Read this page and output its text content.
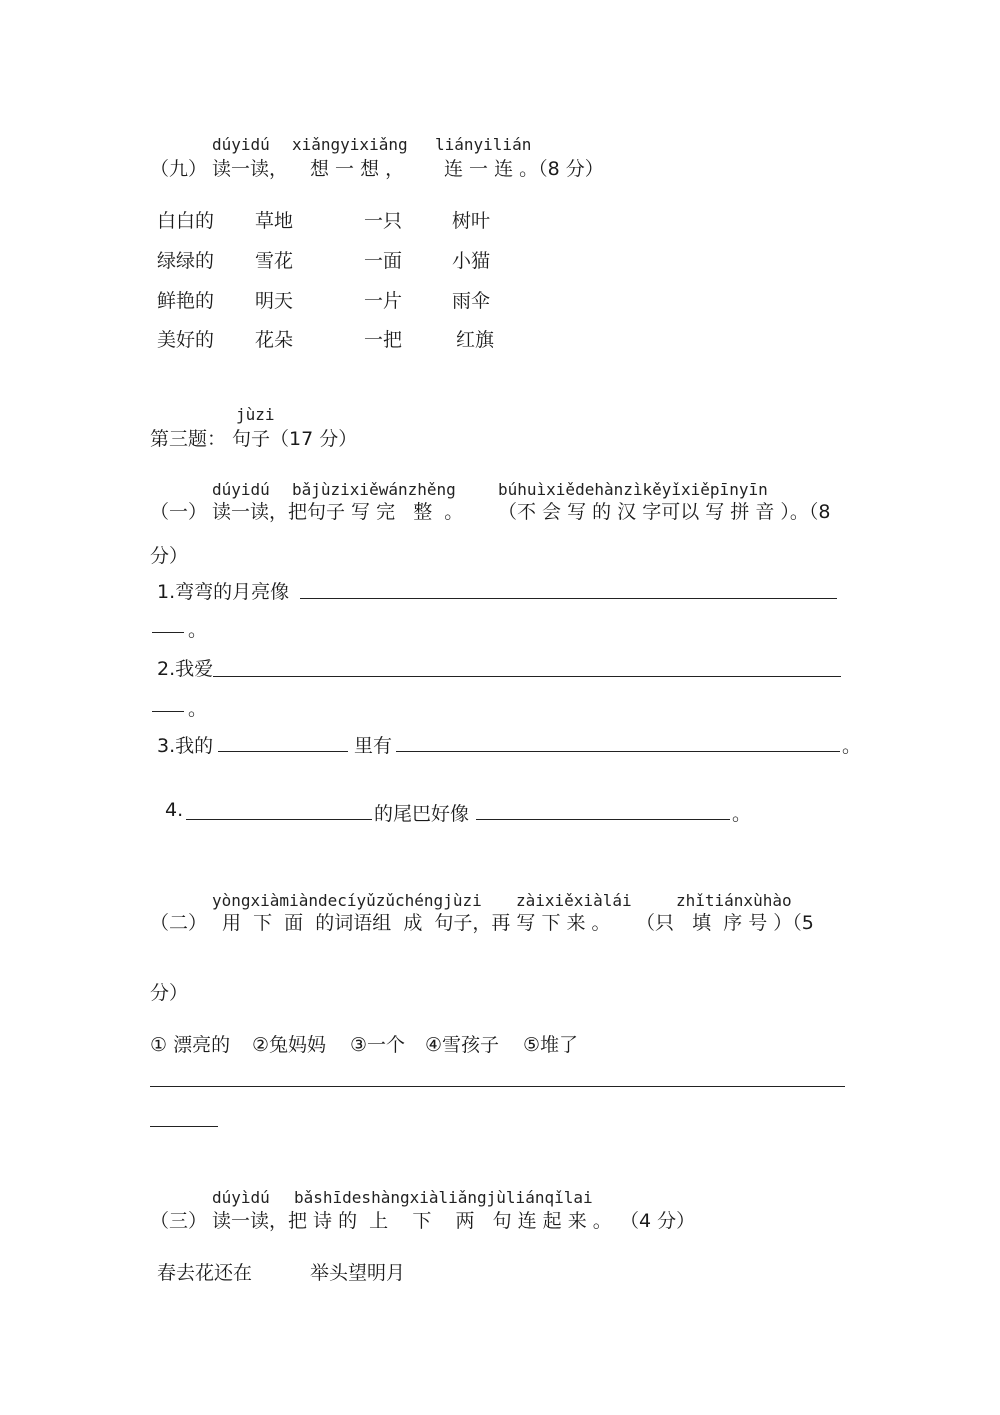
dúyidú xiǎngyixiǎng liányilián
（九） 读一读， 想 一 想 ， 连 一 连 。（8 分）
白白的 草地	一只	树叶
绿绿的 雪花	一面	小猫
鲜艳的 明天	一片	雨伞
美好的 花朵	一把	红旗
jùzi
第三题： 句子（17 分）
dúyidú bǎjùzixiěwánzhěng	búhuìxiědehànzìkěyǐxiěpīnyīn
（一） 读一读，把句子 写 完   整  。 （不 会 写 的 汉 字可以 写 拼 音 ）。（8
分）
1.弯弯的月亮像
。
2.我爱
。
3.我的	里有	。
4.	的尾巴好像	。
yòngxiàmiàndecíyǔzǔchéngjùzi zàixiěxiàlái	zhǐtiánxùhào
（二） 用  下  面  的词语组  成  句子，再 写 下 来 。 （只   填  序 号 ）（5
分）
① 漂亮的 ②兔妈妈 ③一个 ④雪孩子 ⑤堆了
dúyìdú bǎshīdeshàngxiàliǎngjùliánqǐlai
（三） 读一读，把 诗 的  上    下    两   句 连 起 来 。 （4 分）
春去花还在	举头望明月
